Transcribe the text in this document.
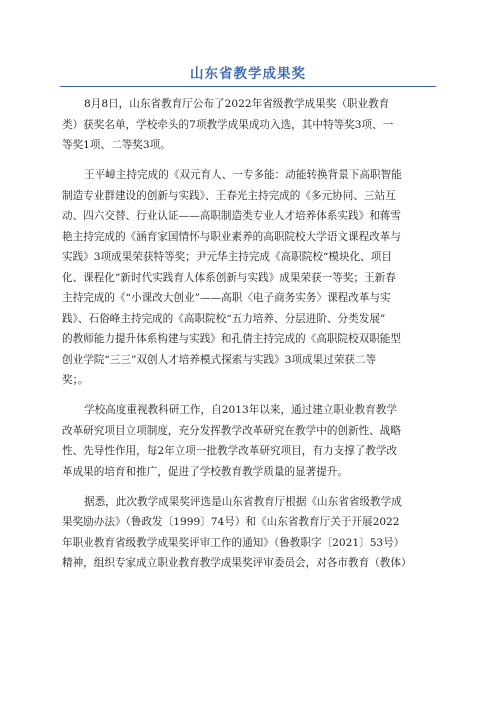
山东省教学成果奖

8月8日，山东省教育厅公布了2022年省级教学成果奖（职业教育
类）获奖名单，学校牵头的7项教学成果成功入选，其中特等奖3项、一
等奖1项、二等奖3项。

王平嶂主持完成的《双元育人、一专多能：动能转换背景下高职智能
制造专业群建设的创新与实践》、王春光主持完成的《多元协同、三站互
动、四六交替、行业认证——高职制造类专业人才培养体系实践》和蒋雪
艳主持完成的《涵育家国情怀与职业素养的高职院校大学语文课程改革与
实践》3项成果荣获特等奖；尹元华主持完成《高职院校“模块化、项目
化、课程化”新时代实践育人体系创新与实践》成果荣获一等奖；王新春
主持完成的《“小课改大创业”——高职〈电子商务实务〉课程改革与实
践》、石俗峰主持完成的《高职院校“五力培养、分层进阶、分类发展”
的教师能力提升体系构建与实践》和孔倩主持完成的《高职院校双职能型
创业学院“三三”双创人才培养模式探索与实践》3项成果过荣获二等
奖；。

学校高度重视教科研工作，自2013年以来，通过建立职业教育教学
改革研究项目立项制度，充分发挥教学改革研究在教学中的创新性、战略
性、先导性作用，每2年立项一批教学改革研究项目，有力支撑了教学改
革成果的培育和推广，促进了学校教育教学质量的显著提升。

据悉，此次教学成果奖评选是山东省教育厅根据《山东省省级教学成
果奖励办法》（鲁政发〔1999〕74号）和《山东省教育厅关于开展2022
年职业教育省级教学成果奖评审工作的通知》（鲁教职字〔2021〕53号）
精神，组织专家成立职业教育教学成果奖评审委员会，对各市教育（教体）
